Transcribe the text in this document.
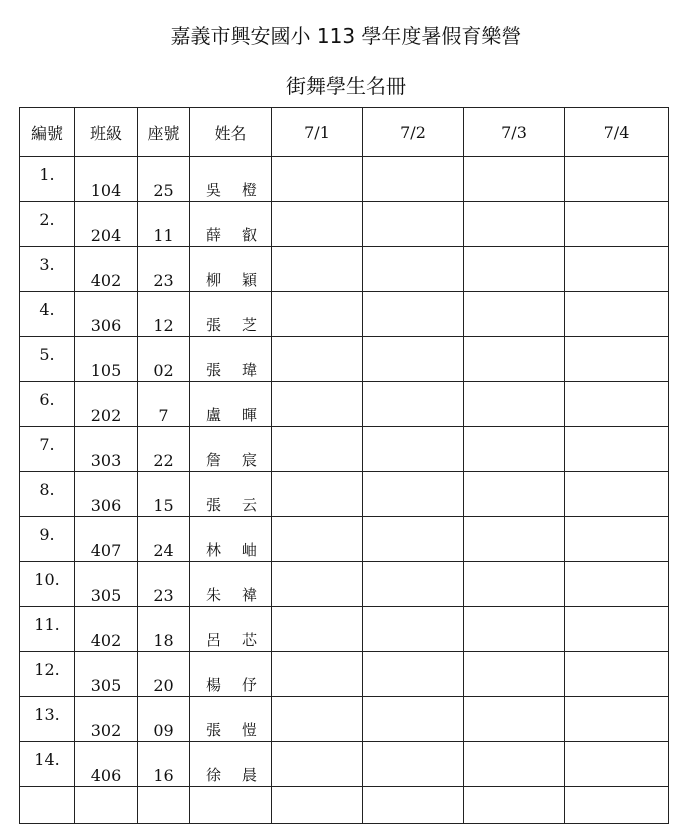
嘉義市興安國小 113 學年度暑假育樂營
街舞學生名冊
編號	班級	座號	姓名	7/1	7/2	7/3	7/4
1.	104	25	吳 橙				

2.	204	11	薛 叡				

3.	402	23	柳 穎				

4.	306	12	張 芝				

5.	105	02	張 瑋				

6.	202	7	盧 暉				

7.	303	22	詹 宸				

8.	306	15	張 云				

9.	407	24	林 岫				

10.	305	23	朱 褘				

11.	402	18	呂 芯				

12.	305	20	楊 伃				

13.	302	09	張 愷				

14.	406	16	徐 晨				
